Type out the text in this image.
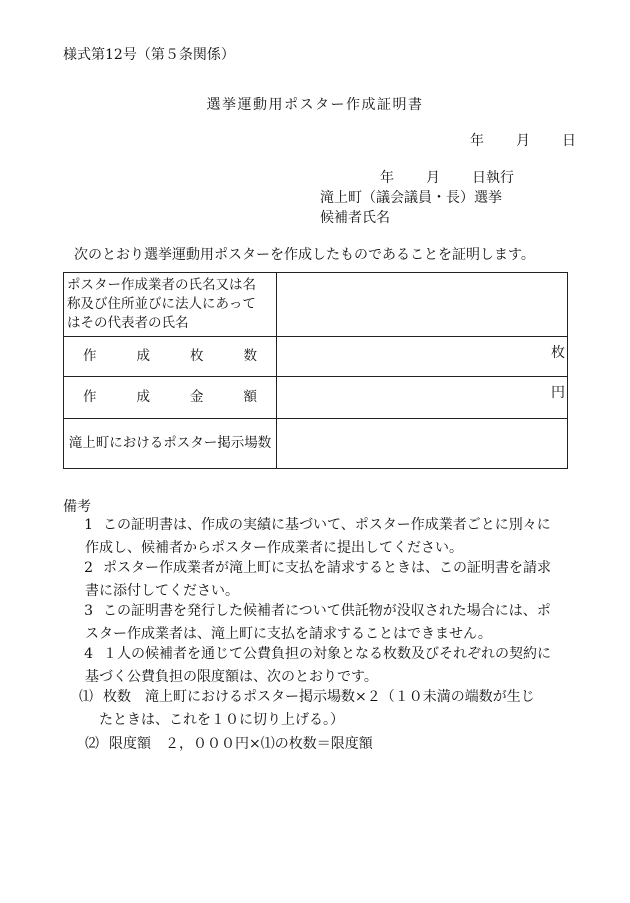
様式第12号（第５条関係）
選挙運動用ポスター作成証明書
年 月 日
年 月 日執行
滝上町（議会議員・長）選挙
候補者氏名
次のとおり選挙運動用ポスターを作成したものであることを証明します。
ポスター作成業者の氏名又は名
称及び住所並びに法人にあって
はその代表者の氏名	

作 成 枚 数	枚

作 成 金 額	円

滝上町におけるポスター掲示場数	
備考
1 この証明書は、作成の実績に基づいて、ポスター作成業者ごとに別々に
作成し、候補者からポスター作成業者に提出してください。
2 ポスター作成業者が滝上町に支払を請求するときは、この証明書を請求
書に添付してください。
3 この証明書を発行した候補者について供託物が没収された場合には、ポ
スター作成業者は、滝上町に支払を請求することはできません。
4 １人の候補者を通じて公費負担の対象となる枚数及びそれぞれの契約に
基づく公費負担の限度額は、次のとおりです。
⑴ 枚数　滝上町におけるポスター掲示場数×２（１０未満の端数が生じ
たときは、これを１０に切り上げる。）
⑵ 限度額　２，０００円×⑴の枚数＝限度額
